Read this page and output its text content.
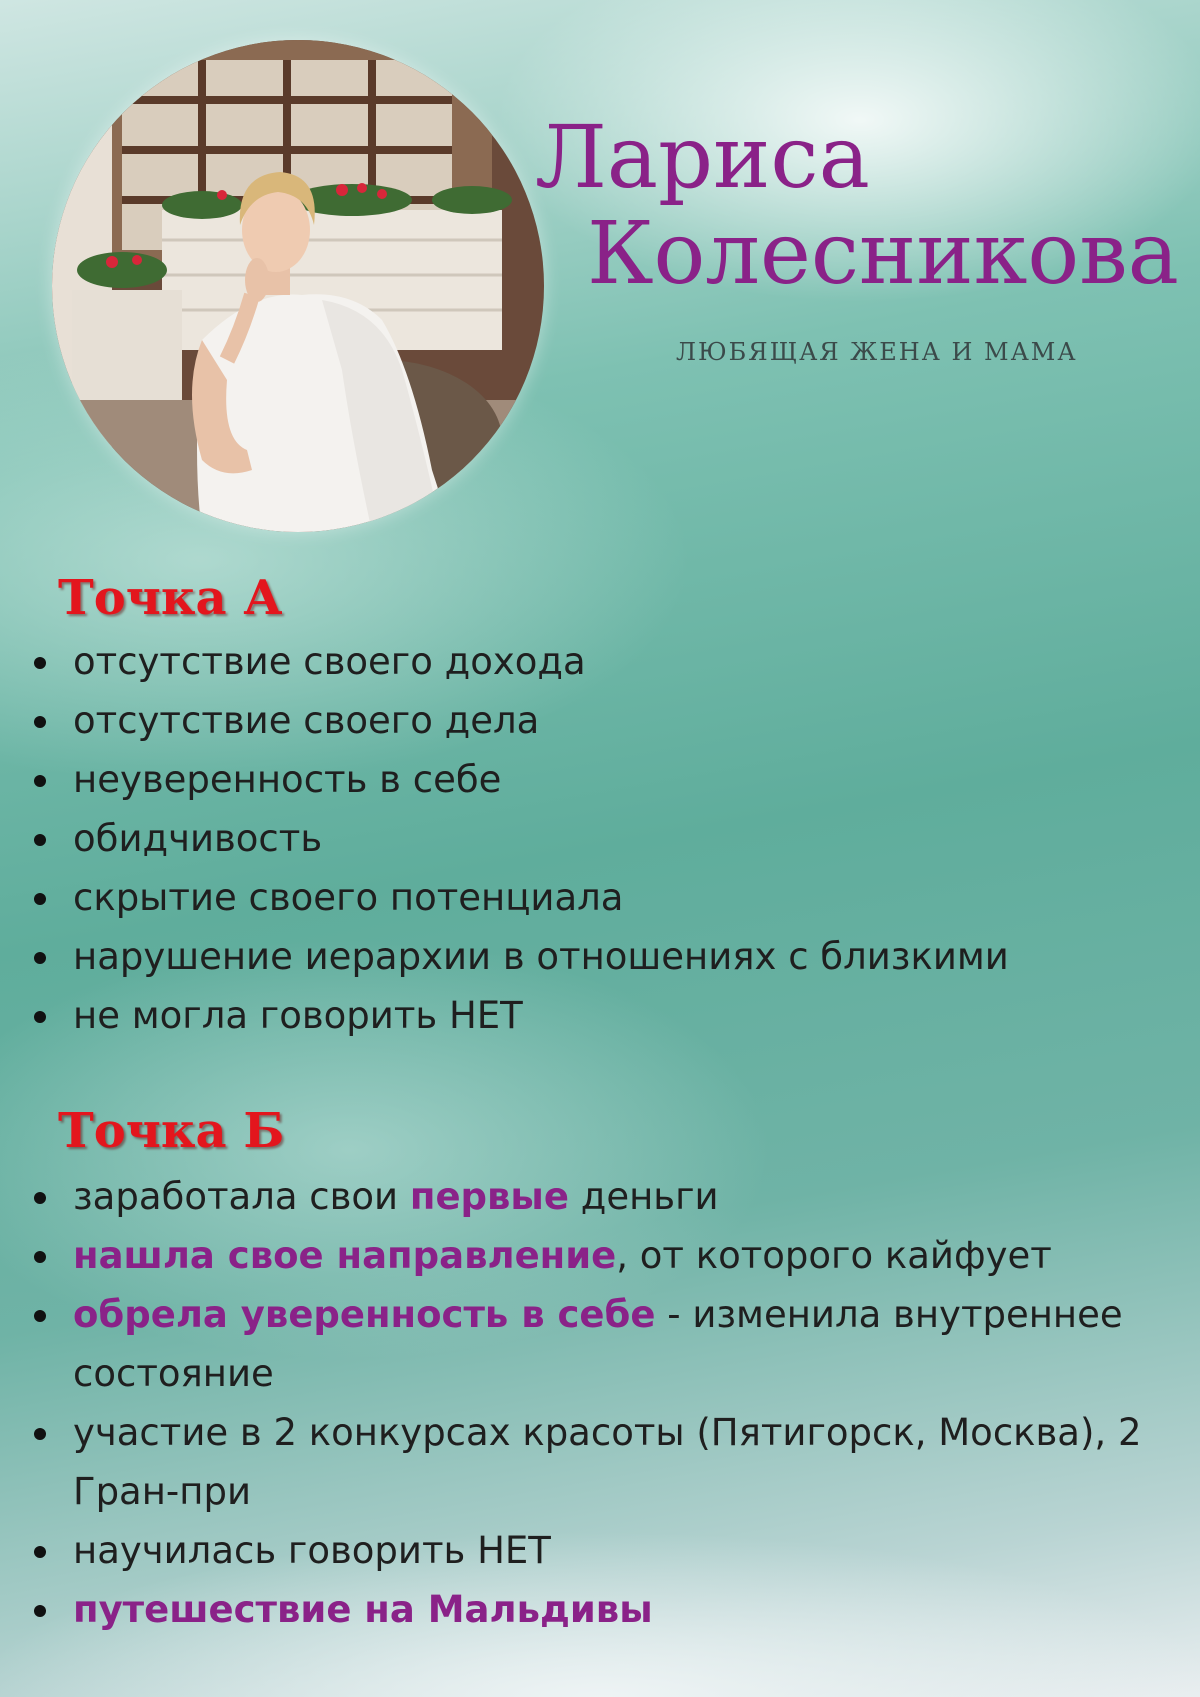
Лариса
Колесникова
ЛЮБЯЩАЯ ЖЕНА И МАМА
Точка А
отсутствие своего дохода
отсутствие своего дела
неуверенность в себе
обидчивость
скрытие своего потенциала
нарушение иерархии в отношениях с близкими
не могла говорить НЕТ
Точка Б
заработала свои первые деньги
нашла свое направление, от которого кайфует
обрела уверенность в себе - изменила внутреннее состояние
участие в 2 конкурсах красоты (Пятигорск, Москва), 2 Гран-при
научилась говорить НЕТ
путешествие на Мальдивы
